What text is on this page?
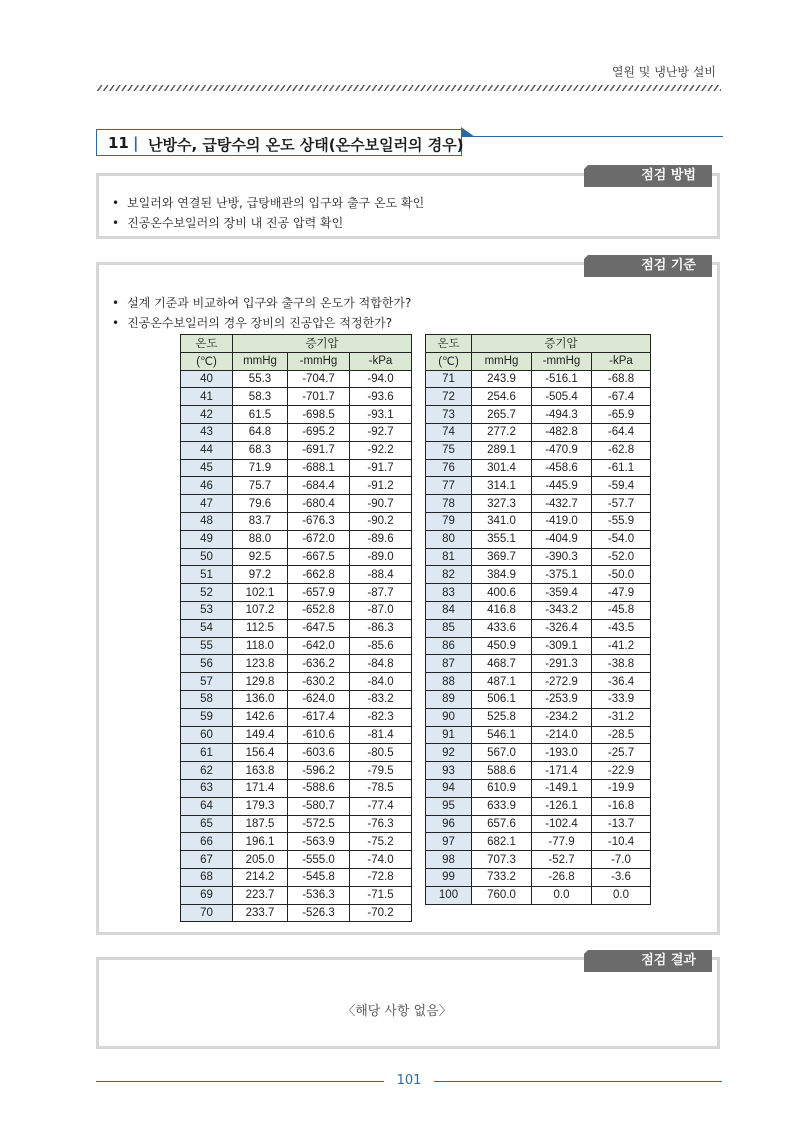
열원 및 냉난방 설비
11 | 난방수, 급탕수의 온도 상태(온수보일러의 경우)
점검 방법
• 보일러와 연결된 난방, 급탕배관의 입구와 출구 온도 확인
• 진공온수보일러의 장비 내 진공 압력 확인
점검 기준
• 설계 기준과 비교하여 입구와 출구의 온도가 적합한가?
• 진공온수보일러의 경우 장비의 진공압은 적정한가?
온도	증기압		
(℃)	mmHg	-mmHg	-kPa
40	55.3	-704.7	-94.0
41	58.3	-701.7	-93.6
42	61.5	-698.5	-93.1
43	64.8	-695.2	-92.7
44	68.3	-691.7	-92.2
45	71.9	-688.1	-91.7
46	75.7	-684.4	-91.2
47	79.6	-680.4	-90.7
48	83.7	-676.3	-90.2
49	88.0	-672.0	-89.6
50	92.5	-667.5	-89.0
51	97.2	-662.8	-88.4
52	102.1	-657.9	-87.7
53	107.2	-652.8	-87.0
54	112.5	-647.5	-86.3
55	118.0	-642.0	-85.6
56	123.8	-636.2	-84.8
57	129.8	-630.2	-84.0
58	136.0	-624.0	-83.2
59	142.6	-617.4	-82.3
60	149.4	-610.6	-81.4
61	156.4	-603.6	-80.5
62	163.8	-596.2	-79.5
63	171.4	-588.6	-78.5
64	179.3	-580.7	-77.4
65	187.5	-572.5	-76.3
66	196.1	-563.9	-75.2
67	205.0	-555.0	-74.0
68	214.2	-545.8	-72.8
69	223.7	-536.3	-71.5
70	233.7	-526.3	-70.2
온도	증기압		
(℃)	mmHg	-mmHg	-kPa
71	243.9	-516.1	-68.8
72	254.6	-505.4	-67.4
73	265.7	-494.3	-65.9
74	277.2	-482.8	-64.4
75	289.1	-470.9	-62.8
76	301.4	-458.6	-61.1
77	314.1	-445.9	-59.4
78	327.3	-432.7	-57.7
79	341.0	-419.0	-55.9
80	355.1	-404.9	-54.0
81	369.7	-390.3	-52.0
82	384.9	-375.1	-50.0
83	400.6	-359.4	-47.9
84	416.8	-343.2	-45.8
85	433.6	-326.4	-43.5
86	450.9	-309.1	-41.2
87	468.7	-291.3	-38.8
88	487.1	-272.9	-36.4
89	506.1	-253.9	-33.9
90	525.8	-234.2	-31.2
91	546.1	-214.0	-28.5
92	567.0	-193.0	-25.7
93	588.6	-171.4	-22.9
94	610.9	-149.1	-19.9
95	633.9	-126.1	-16.8
96	657.6	-102.4	-13.7
97	682.1	-77.9	-10.4
98	707.3	-52.7	-7.0
99	733.2	-26.8	-3.6
100	760.0	0.0	0.0
점검 결과
〈해당 사항 없음〉
101
